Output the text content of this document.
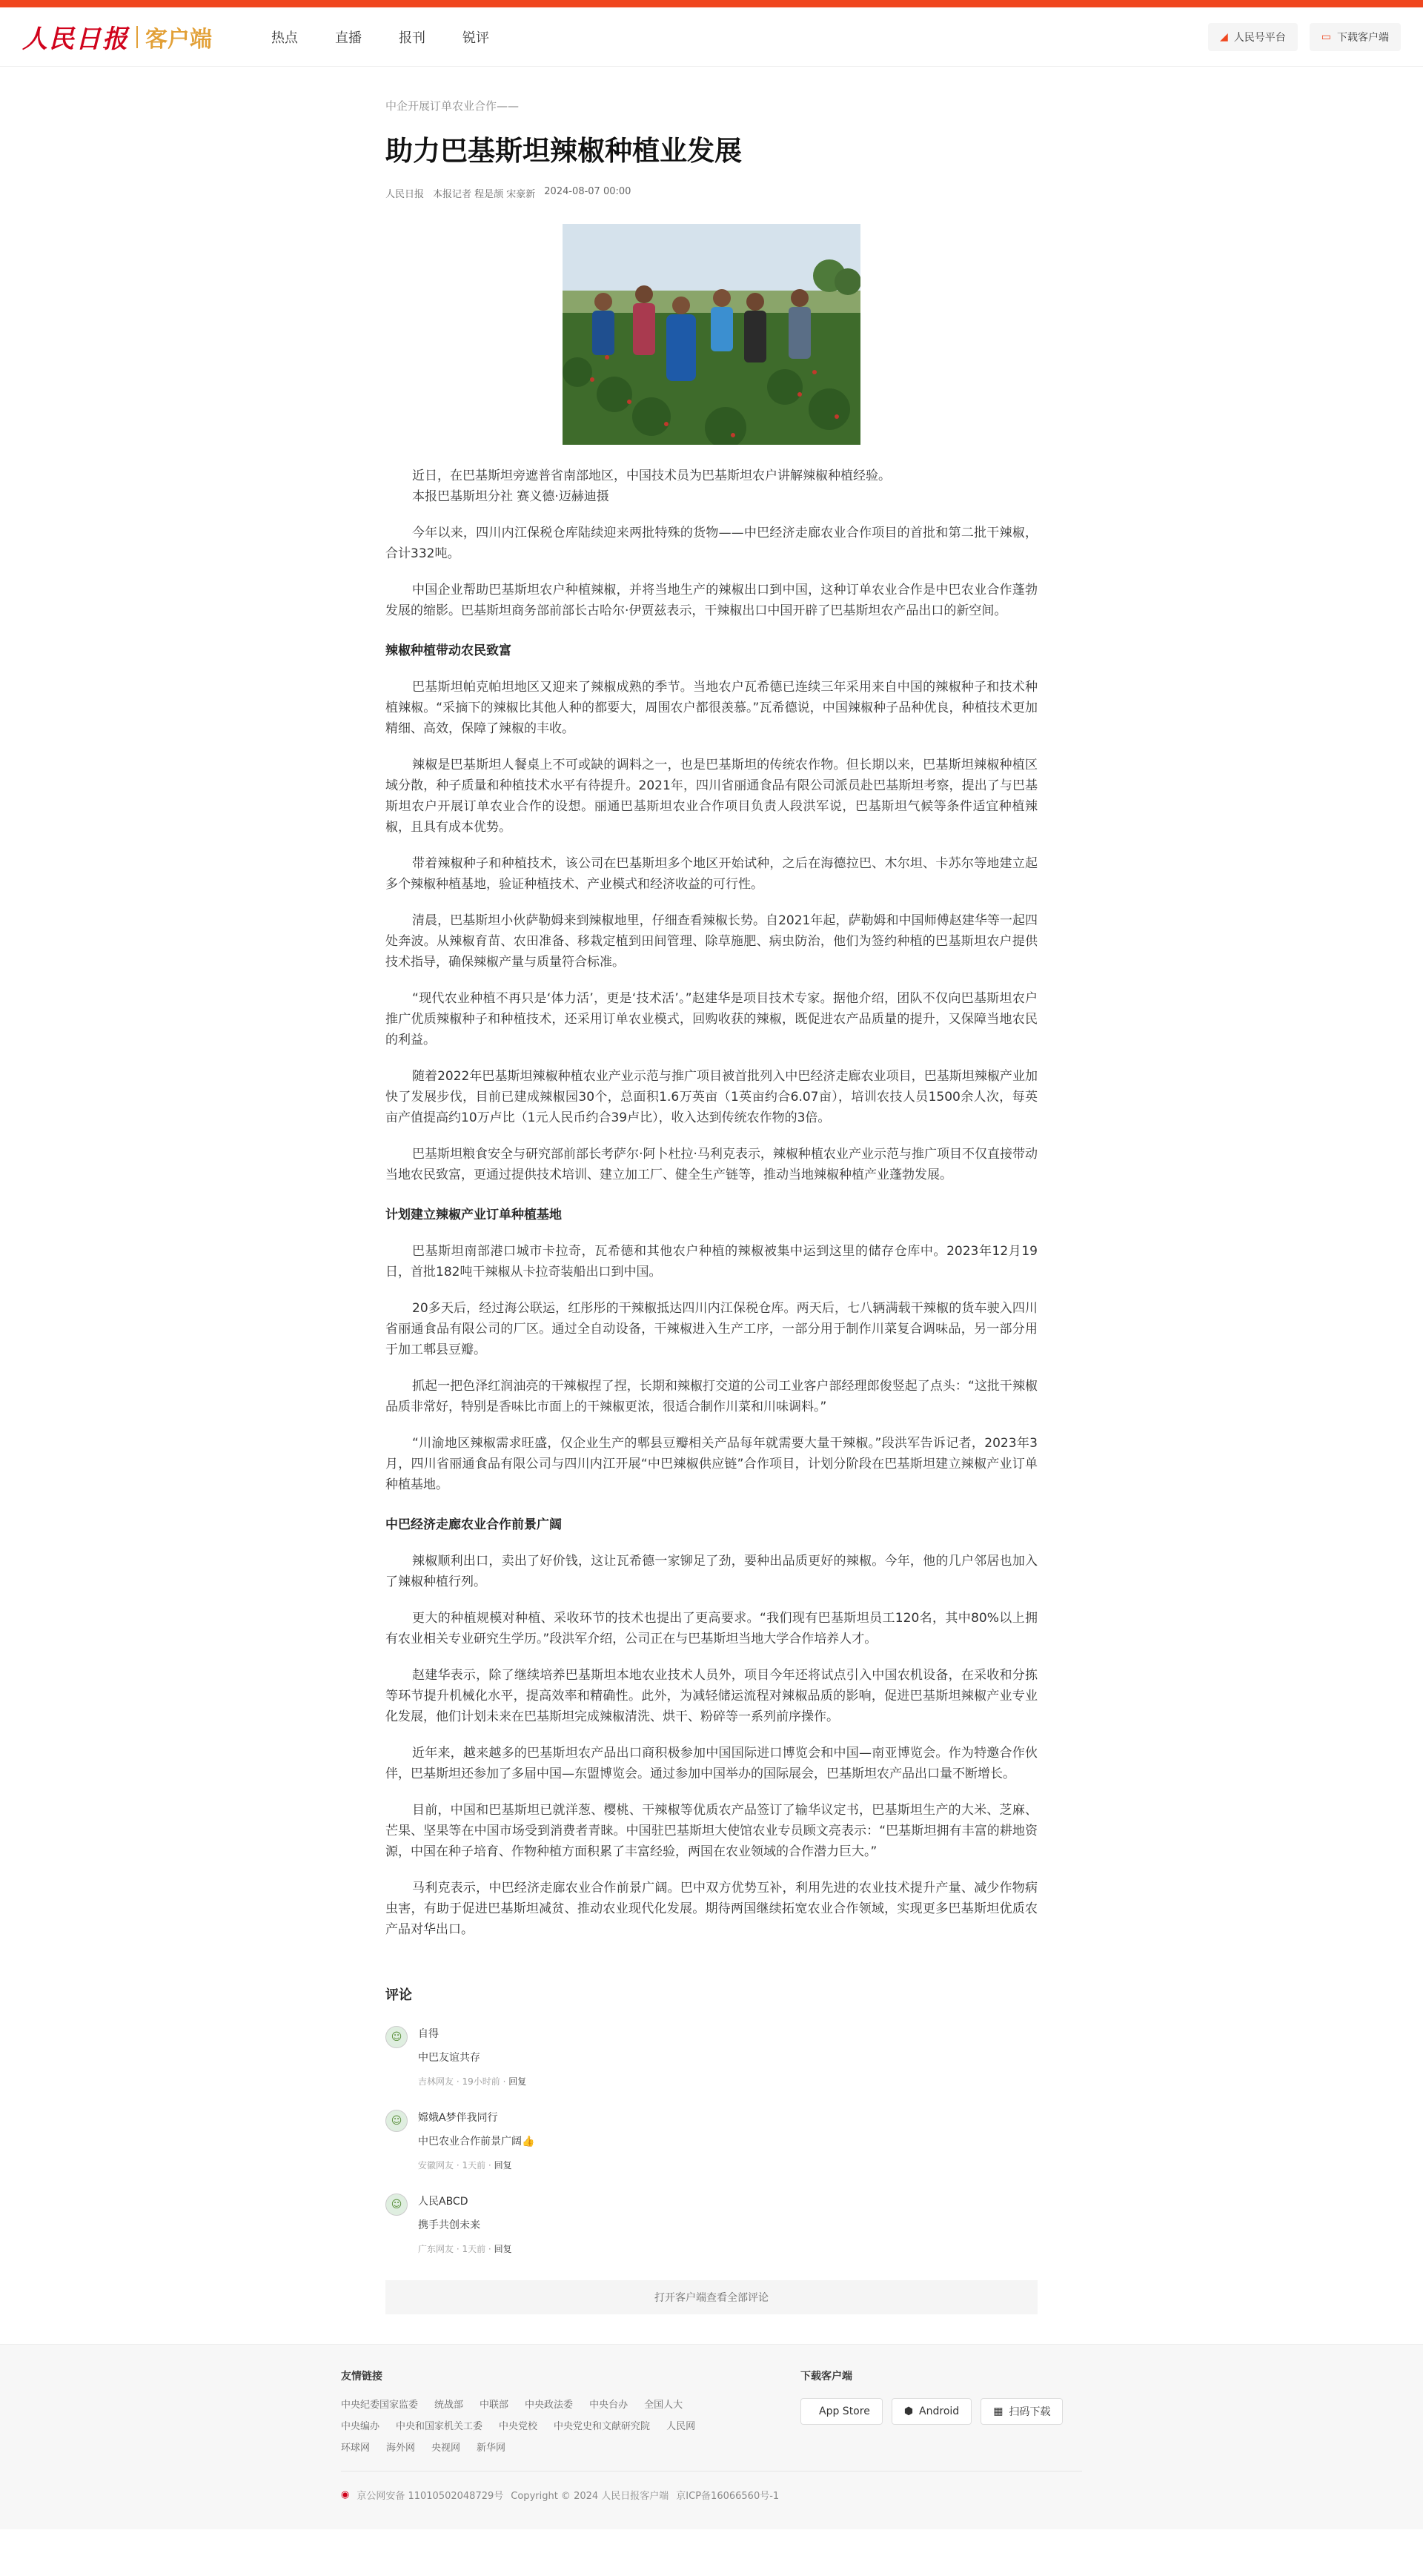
人民日报 客户端	热点	直播	报刊	锐评	◢ 人民号平台	▭ 下载客户端
中企开展订单农业合作——
助力巴基斯坦辣椒种植业发展
人民日报 本报记者 程是颉 宋豪新 2024-08-07 00:00
近日，在巴基斯坦旁遮普省南部地区，中国技术员为巴基斯坦农户讲解辣椒种植经验。
本报巴基斯坦分社 赛义德·迈赫迪摄

今年以来，四川内江保税仓库陆续迎来两批特殊的货物——中巴经济走廊农业合作项目的首批和第二批干辣椒，合计332吨。

中国企业帮助巴基斯坦农户种植辣椒，并将当地生产的辣椒出口到中国，这种订单农业合作是中巴农业合作蓬勃发展的缩影。巴基斯坦商务部前部长古哈尔·伊贾兹表示，干辣椒出口中国开辟了巴基斯坦农产品出口的新空间。

辣椒种植带动农民致富

巴基斯坦帕克帕坦地区又迎来了辣椒成熟的季节。当地农户瓦希德已连续三年采用来自中国的辣椒种子和技术种植辣椒。“采摘下的辣椒比其他人种的都要大，周围农户都很羡慕。”瓦希德说，中国辣椒种子品种优良，种植技术更加精细、高效，保障了辣椒的丰收。

辣椒是巴基斯坦人餐桌上不可或缺的调料之一，也是巴基斯坦的传统农作物。但长期以来，巴基斯坦辣椒种植区域分散，种子质量和种植技术水平有待提升。2021年，四川省丽通食品有限公司派员赴巴基斯坦考察，提出了与巴基斯坦农户开展订单农业合作的设想。丽通巴基斯坦农业合作项目负责人段洪军说，巴基斯坦气候等条件适宜种植辣椒，且具有成本优势。

带着辣椒种子和种植技术，该公司在巴基斯坦多个地区开始试种，之后在海德拉巴、木尔坦、卡苏尔等地建立起多个辣椒种植基地，验证种植技术、产业模式和经济收益的可行性。

清晨，巴基斯坦小伙萨勒姆来到辣椒地里，仔细查看辣椒长势。自2021年起，萨勒姆和中国师傅赵建华等一起四处奔波。从辣椒育苗、农田准备、移栽定植到田间管理、除草施肥、病虫防治，他们为签约种植的巴基斯坦农户提供技术指导，确保辣椒产量与质量符合标准。

“现代农业种植不再只是‘体力活’，更是‘技术活’。”赵建华是项目技术专家。据他介绍，团队不仅向巴基斯坦农户推广优质辣椒种子和种植技术，还采用订单农业模式，回购收获的辣椒，既促进农产品质量的提升，又保障当地农民的利益。

随着2022年巴基斯坦辣椒种植农业产业示范与推广项目被首批列入中巴经济走廊农业项目，巴基斯坦辣椒产业加快了发展步伐，目前已建成辣椒园30个，总面积1.6万英亩（1英亩约合6.07亩），培训农技人员1500余人次，每英亩产值提高约10万卢比（1元人民币约合39卢比），收入达到传统农作物的3倍。

巴基斯坦粮食安全与研究部前部长考萨尔·阿卜杜拉·马利克表示，辣椒种植农业产业示范与推广项目不仅直接带动当地农民致富，更通过提供技术培训、建立加工厂、健全生产链等，推动当地辣椒种植产业蓬勃发展。

计划建立辣椒产业订单种植基地

巴基斯坦南部港口城市卡拉奇，瓦希德和其他农户种植的辣椒被集中运到这里的储存仓库中。2023年12月19日，首批182吨干辣椒从卡拉奇装船出口到中国。

20多天后，经过海公联运，红彤彤的干辣椒抵达四川内江保税仓库。两天后，七八辆满载干辣椒的货车驶入四川省丽通食品有限公司的厂区。通过全自动设备，干辣椒进入生产工序，一部分用于制作川菜复合调味品，另一部分用于加工郫县豆瓣。

抓起一把色泽红润油亮的干辣椒捏了捏，长期和辣椒打交道的公司工业客户部经理郎俊竖起了点头：“这批干辣椒品质非常好，特别是香味比市面上的干辣椒更浓，很适合制作川菜和川味调料。”

“川渝地区辣椒需求旺盛，仅企业生产的郫县豆瓣相关产品每年就需要大量干辣椒。”段洪军告诉记者，2023年3月，四川省丽通食品有限公司与四川内江开展“中巴辣椒供应链”合作项目，计划分阶段在巴基斯坦建立辣椒产业订单种植基地。

中巴经济走廊农业合作前景广阔

辣椒顺利出口，卖出了好价钱，这让瓦希德一家铆足了劲，要种出品质更好的辣椒。今年，他的几户邻居也加入了辣椒种植行列。

更大的种植规模对种植、采收环节的技术也提出了更高要求。“我们现有巴基斯坦员工120名，其中80%以上拥有农业相关专业研究生学历。”段洪军介绍，公司正在与巴基斯坦当地大学合作培养人才。

赵建华表示，除了继续培养巴基斯坦本地农业技术人员外，项目今年还将试点引入中国农机设备，在采收和分拣等环节提升机械化水平，提高效率和精确性。此外，为减轻储运流程对辣椒品质的影响，促进巴基斯坦辣椒产业专业化发展，他们计划未来在巴基斯坦完成辣椒清洗、烘干、粉碎等一系列前序操作。

近年来，越来越多的巴基斯坦农产品出口商积极参加中国国际进口博览会和中国—南亚博览会。作为特邀合作伙伴，巴基斯坦还参加了多届中国—东盟博览会。通过参加中国举办的国际展会，巴基斯坦农产品出口量不断增长。

目前，中国和巴基斯坦已就洋葱、樱桃、干辣椒等优质农产品签订了输华议定书，巴基斯坦生产的大米、芝麻、芒果、坚果等在中国市场受到消费者青睐。中国驻巴基斯坦大使馆农业专员顾文亮表示：“巴基斯坦拥有丰富的耕地资源，中国在种子培育、作物种植方面积累了丰富经验，两国在农业领域的合作潜力巨大。”

马利克表示，中巴经济走廊农业合作前景广阔。巴中双方优势互补，利用先进的农业技术提升产量、减少作物病虫害，有助于促进巴基斯坦减贫、推动农业现代化发展。期待两国继续拓宽农业合作领域，实现更多巴基斯坦优质农产品对华出口。

评论
☺	自得
中巴友谊共存
吉林网友 · 19小时前 · 回复
☺	嫦娥A梦伴我同行
中巴农业合作前景广阔👍
安徽网友 · 1天前 · 回复
☺	人民ABCD
携手共创未来
广东网友 · 1天前 · 回复
打开客户端查看全部评论
友情链接
中央纪委国家监委 统战部 中联部 中央政法委 中央台办 全国人大
中央编办 中央和国家机关工委 中央党校 中央党史和文献研究院 人民网
环球网 海外网 央视网 新华网
下载客户端
App Store	⬢ Android	▦ 扫码下载
◉ 京公网安备 11010502048729号 Copyright © 2024 人民日报客户端 京ICP备16066560号-1
